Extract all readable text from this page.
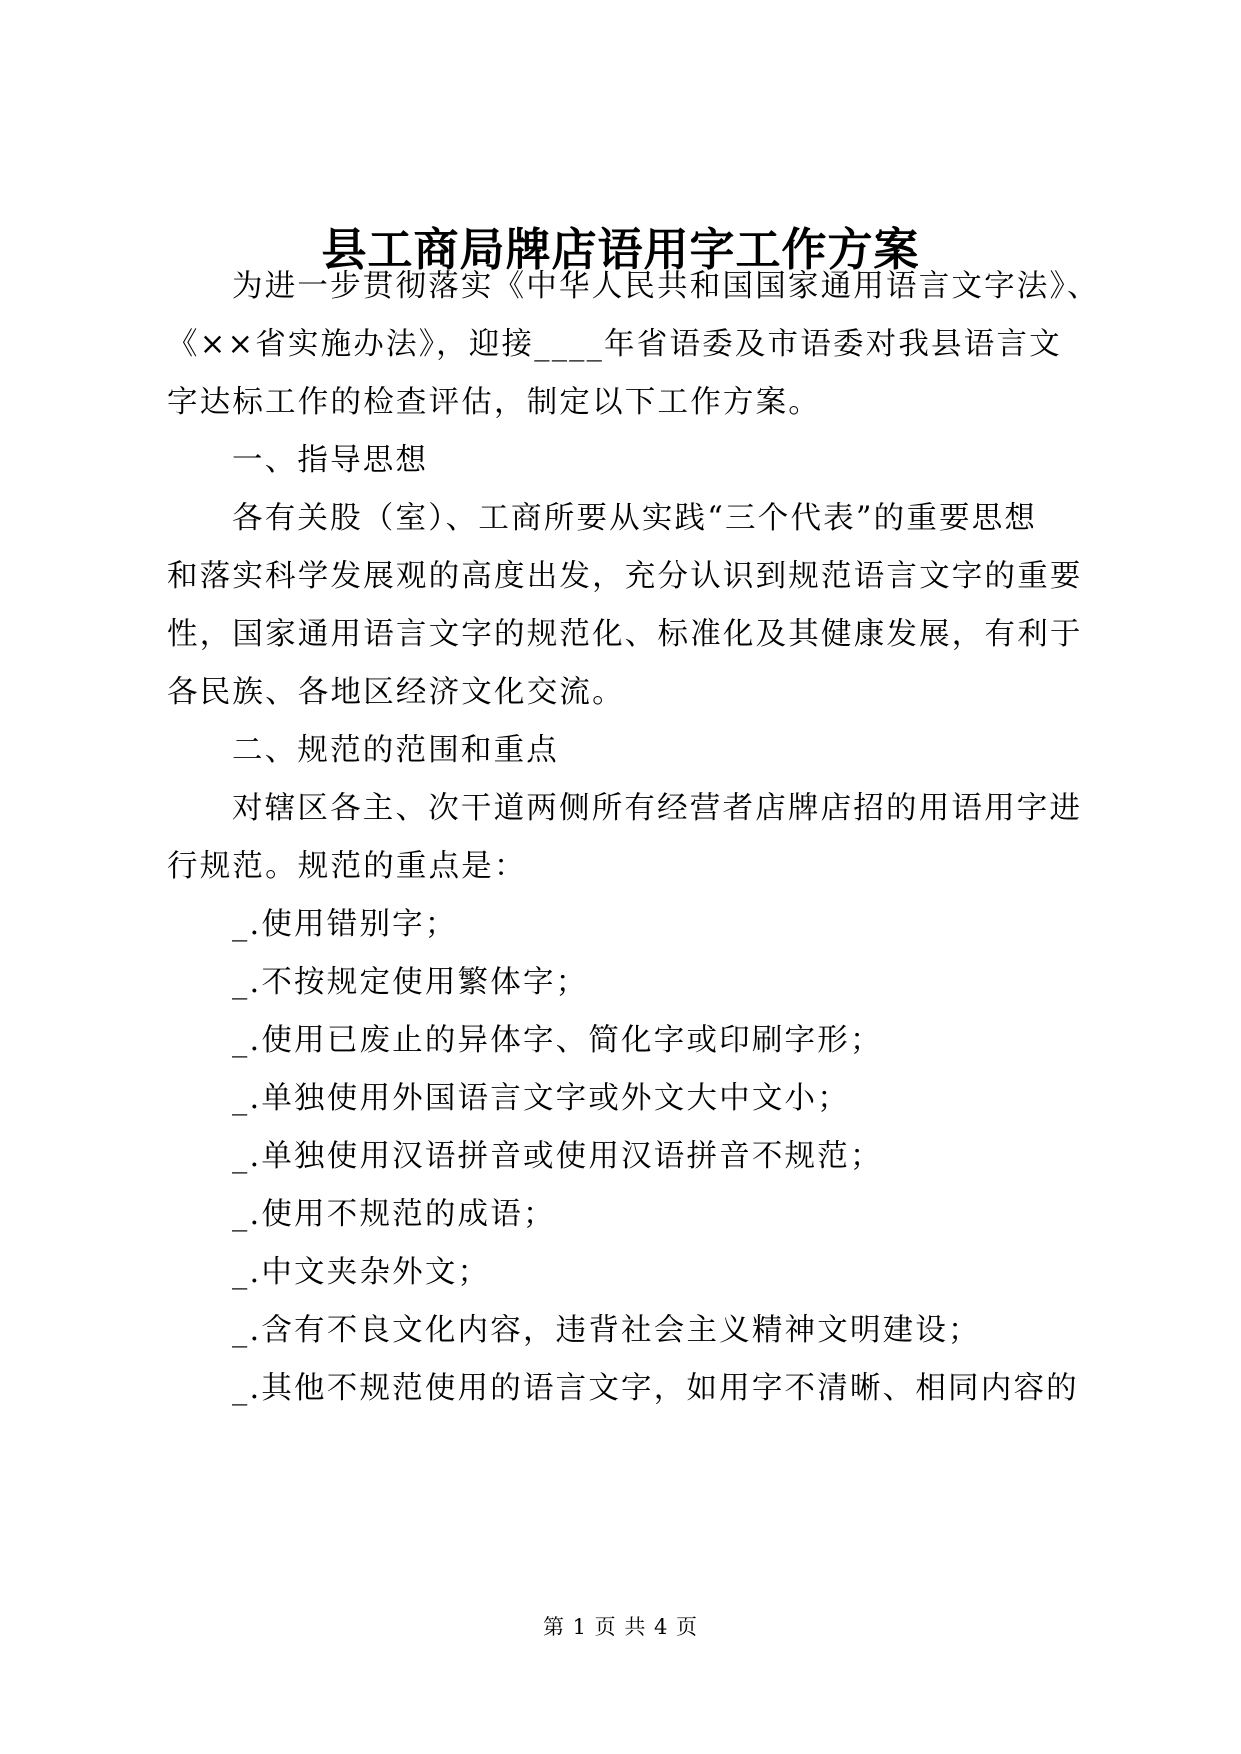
县工商局牌店语用字工作方案
为进一步贯彻落实《中华人民共和国国家通用语言文字法》、
《××省实施办法》，迎接____年省语委及市语委对我县语言文
字达标工作的检查评估，制定以下工作方案。
一、指导思想
各有关股（室）、工商所要从实践“三个代表”的重要思想
和落实科学发展观的高度出发，充分认识到规范语言文字的重要
性，国家通用语言文字的规范化、标准化及其健康发展，有利于
各民族、各地区经济文化交流。
二、规范的范围和重点
对辖区各主、次干道两侧所有经营者店牌店招的用语用字进
行规范。规范的重点是：
_.使用错别字；
_.不按规定使用繁体字；
_.使用已废止的异体字、简化字或印刷字形；
_.单独使用外国语言文字或外文大中文小；
_.单独使用汉语拼音或使用汉语拼音不规范；
_.使用不规范的成语；
_.中文夹杂外文；
_.含有不良文化内容，违背社会主义精神文明建设；
_.其他不规范使用的语言文字，如用字不清晰、相同内容的
第 1 页 共 4 页
